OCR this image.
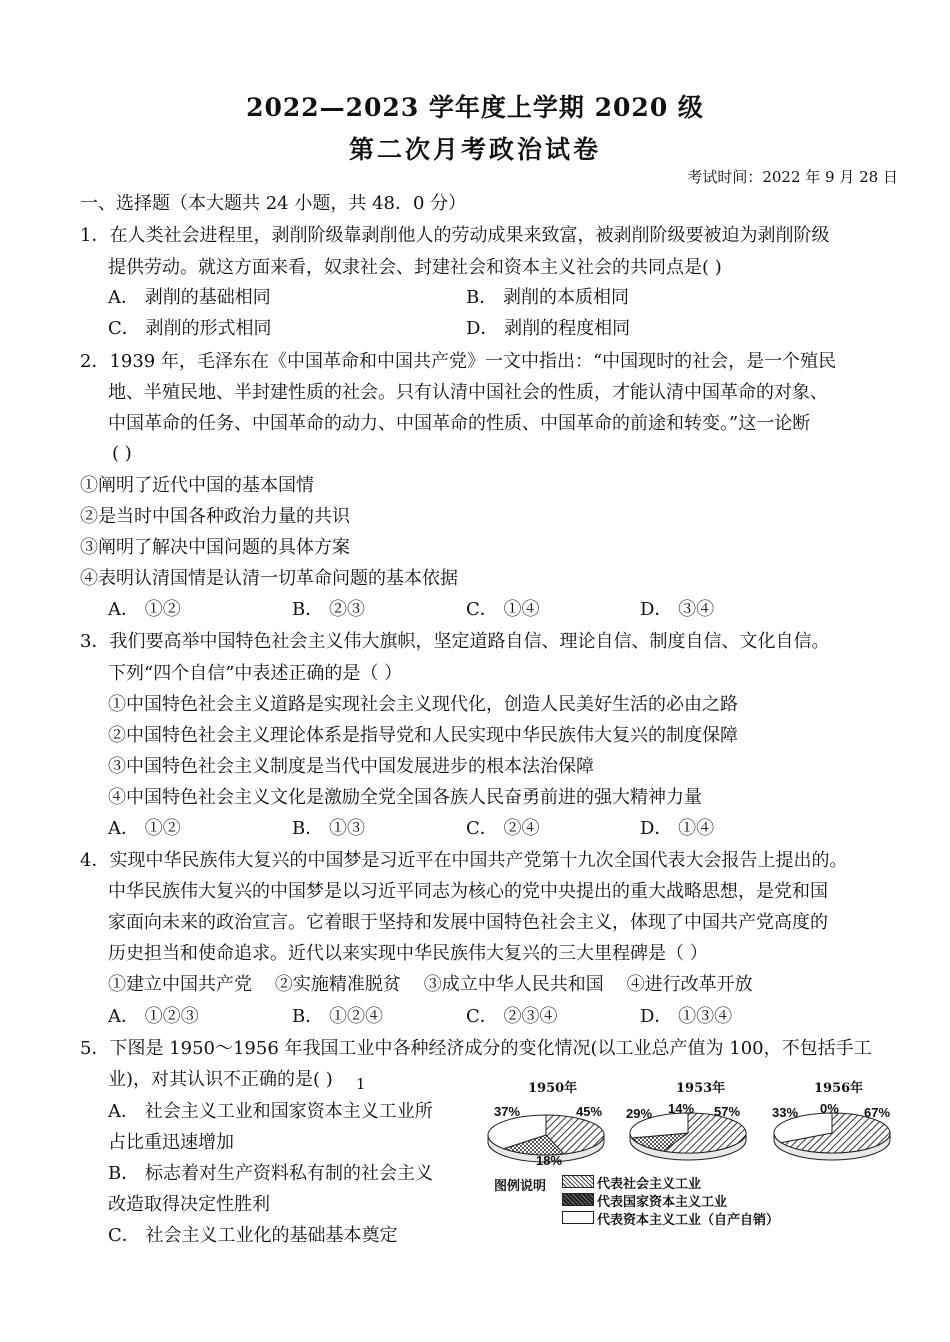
2022—2023 学年度上学期 2020 级
第二次月考政治试卷
考试时间：2022 年 9 月 28 日
一、选择题（本大题共 24 小题，共 48．0 分）
1．在人类社会进程里，剥削阶级靠剥削他人的劳动成果来致富，被剥削阶级要被迫为剥削阶级
提供劳动。就这方面来看，奴隶社会、封建社会和资本主义社会的共同点是( )
A． 剥削的基础相同	B． 剥削的本质相同
C． 剥削的形式相同	D． 剥削的程度相同
2．1939 年，毛泽东在《中国革命和中国共产党》一文中指出：“中国现时的社会，是一个殖民
地、半殖民地、半封建性质的社会。只有认清中国社会的性质，才能认清中国革命的对象、
中国革命的任务、中国革命的动力、中国革命的性质、中国革命的前途和转变。”这一论断
( )
①阐明了近代中国的基本国情
②是当时中国各种政治力量的共识
③阐明了解决中国问题的具体方案
④表明认清国情是认清一切革命问题的基本依据
A． ①②	B． ②③	C． ①④	D． ③④
3．我们要高举中国特色社会主义伟大旗帜，坚定道路自信、理论自信、制度自信、文化自信。
下列“四个自信”中表述正确的是（ ）
①中国特色社会主义道路是实现社会主义现代化，创造人民美好生活的必由之路
②中国特色社会主义理论体系是指导党和人民实现中华民族伟大复兴的制度保障
③中国特色社会主义制度是当代中国发展进步的根本法治保障
④中国特色社会主义文化是激励全党全国各族人民奋勇前进的强大精神力量
A． ①②	B． ①③	C． ②④	D． ①④
4．实现中华民族伟大复兴的中国梦是习近平在中国共产党第十九次全国代表大会报告上提出的。
中华民族伟大复兴的中国梦是以习近平同志为核心的党中央提出的重大战略思想，是党和国
家面向未来的政治宣言。它着眼于坚持和发展中国特色社会主义，体现了中国共产党高度的
历史担当和使命追求。近代以来实现中华民族伟大复兴的三大里程碑是（ ）
①建立中国共产党    ②实施精准脱贫    ③成立中华人民共和国    ④进行改革开放
A． ①②③	B． ①②④	C． ②③④	D． ①③④
5．下图是 1950～1956 年我国工业中各种经济成分的变化情况(以工业总产值为 100，不包括手工
业)，对其认识不正确的是( ) 1
A． 社会主义工业和国家资本主义工业所
占比重迅速增加
B． 标志着对生产资料私有制的社会主义
改造取得决定性胜利
C． 社会主义工业化的基础基本奠定
1950年	1953年	1956年
37%	45%
18%
29% 14% 57% 33% 0% 67%
图例说明	代表社会主义工业
代表国家资本主义工业
代表资本主义工业（自产自销）
